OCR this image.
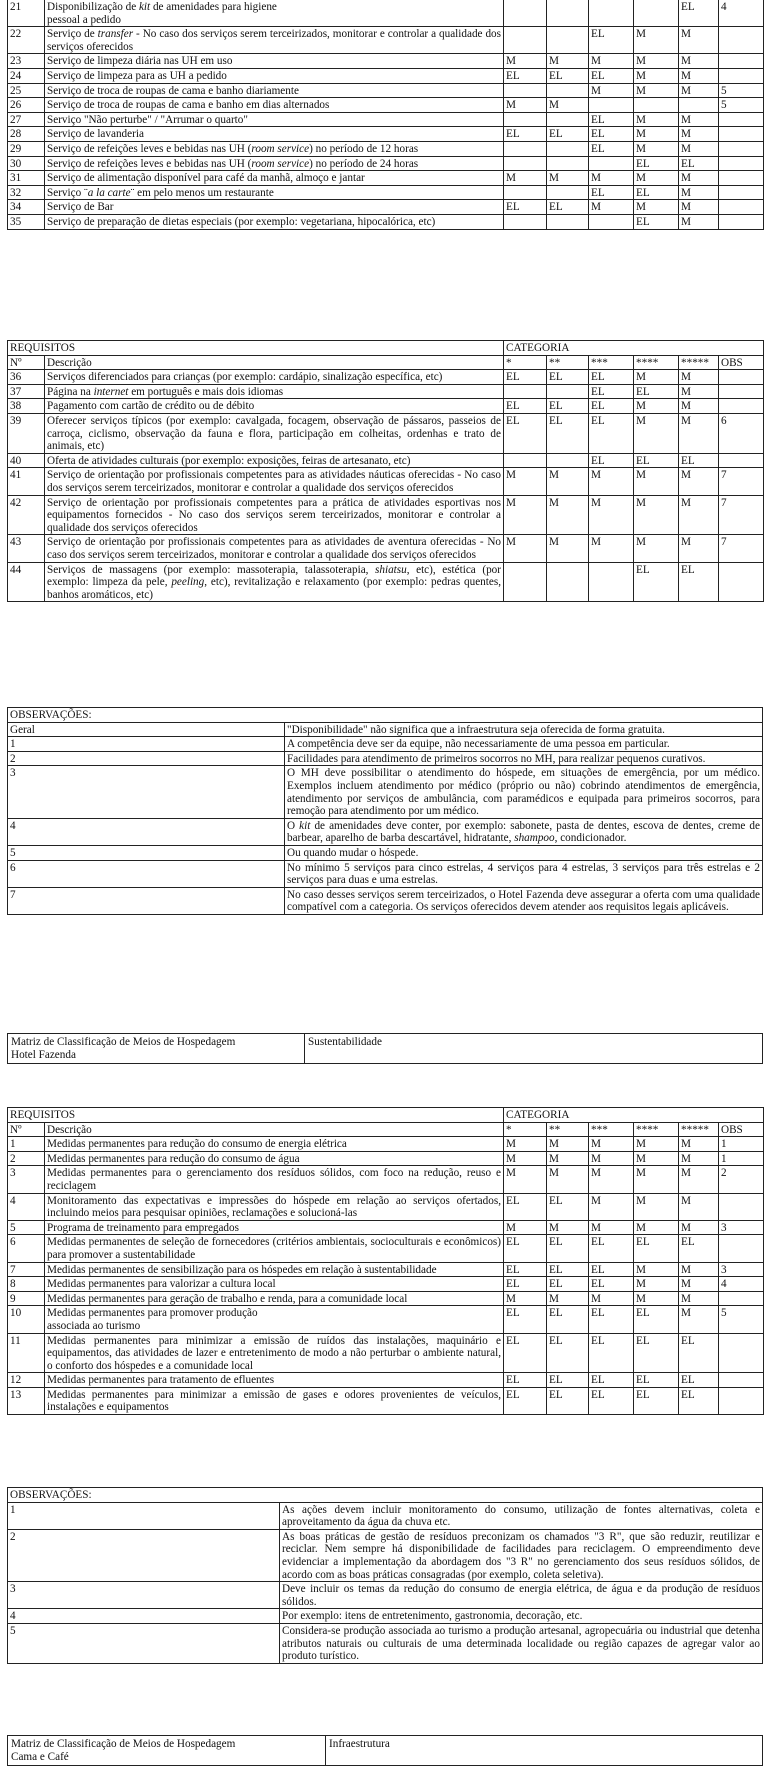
21	Disponibilização de kit de amenidades para higiene
pessoal a pedido					EL	4
22	Serviço de transfer - No caso dos serviços serem terceirizados, monitorar e controlar a qualidade dos serviços oferecidos			EL	M	M	
23	Serviço de limpeza diária nas UH em uso	M	M	M	M	M	
24	Serviço de limpeza para as UH a pedido	EL	EL	EL	M	M	
25	Serviço de troca de roupas de cama e banho diariamente			M	M	M	5
26	Serviço de troca de roupas de cama e banho em dias alternados	M	M				5
27	Serviço "Não perturbe" / "Arrumar o quarto"			EL	M	M	
28	Serviço de lavanderia	EL	EL	EL	M	M	
29	Serviço de refeições leves e bebidas nas UH (room service) no período de 12 horas			EL	M	M	
30	Serviço de refeições leves e bebidas nas UH (room service) no período de 24 horas				EL	EL	
31	Serviço de alimentação disponível para café da manhã, almoço e jantar	M	M	M	M	M	
32	Serviço ¨a la carte¨ em pelo menos um restaurante			EL	EL	M	
34	Serviço de Bar	EL	EL	M	M	M	
35	Serviço de preparação de dietas especiais (por exemplo: vegetariana, hipocalórica, etc)				EL	M	
REQUISITOS		CATEGORIA					
Nº	Descrição	*	**	***	****	*****	OBS
36	Serviços diferenciados para crianças (por exemplo: cardápio, sinalização específica, etc)	EL	EL	EL	M	M	
37	Página na internet em português e mais dois idiomas			EL	EL	M	
38	Pagamento com cartão de crédito ou de débito	EL	EL	EL	M	M	
39	Oferecer serviços típicos (por exemplo: cavalgada, focagem, observação de pássaros, passeios de carroça, ciclismo, observação da fauna e flora, participação em colheitas, ordenhas e trato de animais, etc)	EL	EL	EL	M	M	6
40	Oferta de atividades culturais (por exemplo: exposições, feiras de artesanato, etc)			EL	EL	EL	
41	Serviço de orientação por profissionais competentes para as atividades náuticas oferecidas - No caso dos serviços serem terceirizados, monitorar e controlar a qualidade dos serviços oferecidos	M	M	M	M	M	7
42	Serviço de orientação por profissionais competentes para a prática de atividades esportivas nos equipamentos fornecidos - No caso dos serviços serem terceirizados, monitorar e controlar a qualidade dos serviços oferecidos	M	M	M	M	M	7
43	Serviço de orientação por profissionais competentes para as atividades de aventura oferecidas - No caso dos serviços serem terceirizados, monitorar e controlar a qualidade dos serviços oferecidos	M	M	M	M	M	7
44	Serviços de massagens (por exemplo: massoterapia, talassoterapia, shiatsu, etc), estética (por exemplo: limpeza da pele, peeling, etc), revitalização e relaxamento (por exemplo: pedras quentes, banhos aromáticos, etc)				EL	EL	
OBSERVAÇÕES:	
Geral	"Disponibilidade" não significa que a infraestrutura seja oferecida de forma gratuita.
1	A competência deve ser da equipe, não necessariamente de uma pessoa em particular.
2	Facilidades para atendimento de primeiros socorros no MH, para realizar pequenos curativos.
3	O MH deve possibilitar o atendimento do hóspede, em situações de emergência, por um médico. Exemplos incluem atendimento por médico (próprio ou não) cobrindo atendimentos de emergência, atendimento por serviços de ambulância, com paramédicos e equipada para primeiros socorros, para remoção para atendimento por um médico.
4	O kit de amenidades deve conter, por exemplo: sabonete, pasta de dentes, escova de dentes, creme de barbear, aparelho de barba descartável, hidratante, shampoo, condicionador.
5	Ou quando mudar o hóspede.
6	No mínimo 5 serviços para cinco estrelas, 4 serviços para 4 estrelas, 3 serviços para três estrelas e 2 serviços para duas e uma estrelas.
7	No caso desses serviços serem terceirizados, o Hotel Fazenda deve assegurar a oferta com uma qualidade compatível com a categoria. Os serviços oferecidos devem atender aos requisitos legais aplicáveis.
Matriz de Classificação de Meios de Hospedagem
Hotel Fazenda	Sustentabilidade
REQUISITOS		CATEGORIA					
Nº	Descrição	*	**	***	****	*****	OBS
1	Medidas permanentes para redução do consumo de energia elétrica	M	M	M	M	M	1
2	Medidas permanentes para redução do consumo de água	M	M	M	M	M	1
3	Medidas permanentes para o gerenciamento dos resíduos sólidos, com foco na redução, reuso e reciclagem	M	M	M	M	M	2
4	Monitoramento das expectativas e impressões do hóspede em relação ao serviços ofertados, incluindo meios para pesquisar opiniões, reclamações e solucioná-las	EL	EL	M	M	M	
5	Programa de treinamento para empregados	M	M	M	M	M	3
6	Medidas permanentes de seleção de fornecedores (critérios ambientais, socioculturais e econômicos) para promover a sustentabilidade	EL	EL	EL	EL	EL	
7	Medidas permanentes de sensibilização para os hóspedes em relação à sustentabilidade	EL	EL	EL	M	M	3
8	Medidas permanentes para valorizar a cultura local	EL	EL	EL	M	M	4
9	Medidas permanentes para geração de trabalho e renda, para a comunidade local	M	M	M	M	M	
10	Medidas permanentes para promover produção
associada ao turismo	EL	EL	EL	EL	M	5
11	Medidas permanentes para minimizar a emissão de ruídos das instalações, maquinário e equipamentos, das atividades de lazer e entretenimento de modo a não perturbar o ambiente natural, o conforto dos hóspedes e a comunidade local	EL	EL	EL	EL	EL	
12	Medidas permanentes para tratamento de efluentes	EL	EL	EL	EL	EL	
13	Medidas permanentes para minimizar a emissão de gases e odores provenientes de veículos, instalações e equipamentos	EL	EL	EL	EL	EL	
OBSERVAÇÕES:	
1	As ações devem incluir monitoramento do consumo, utilização de fontes alternativas, coleta e aproveitamento da água da chuva etc.
2	As boas práticas de gestão de resíduos preconizam os chamados "3 R", que são reduzir, reutilizar e reciclar. Nem sempre há disponibilidade de facilidades para reciclagem. O empreendimento deve evidenciar a implementação da abordagem dos "3 R" no gerenciamento dos seus resíduos sólidos, de acordo com as boas práticas consagradas (por exemplo, coleta seletiva).
3	Deve incluir os temas da redução do consumo de energia elétrica, de água e da produção de resíduos sólidos.
4	Por exemplo: itens de entretenimento, gastronomia, decoração, etc.
5	Considera-se produção associada ao turismo a produção artesanal, agropecuária ou industrial que detenha atributos naturais ou culturais de uma determinada localidade ou região capazes de agregar valor ao produto turístico.
Matriz de Classificação de Meios de Hospedagem
Cama e Café	Infraestrutura
